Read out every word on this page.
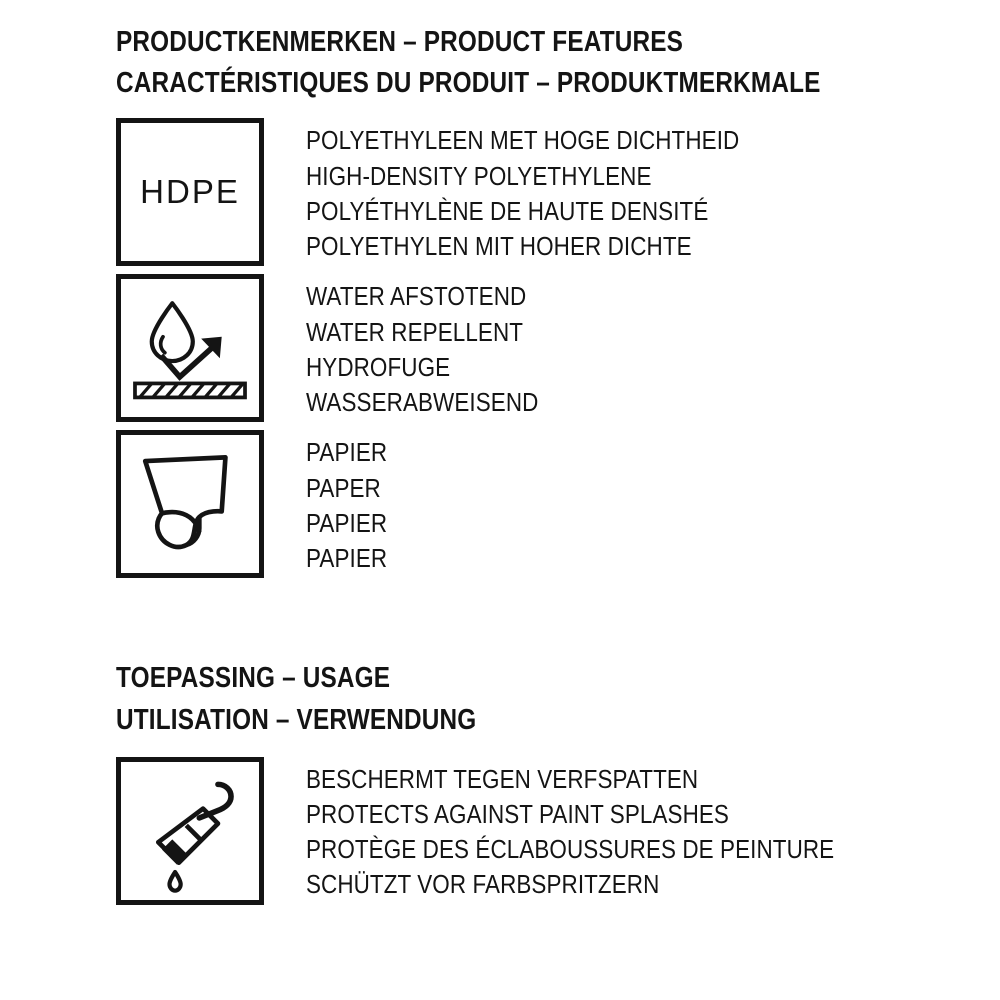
PRODUCTKENMERKEN – PRODUCT FEATURES
CARACTÉRISTIQUES DU PRODUIT – PRODUKTMERKMALE
HDPE
POLYETHYLEEN MET HOGE DICHTHEID
HIGH-DENSITY POLYETHYLENE
POLYÉTHYLÈNE DE HAUTE DENSITÉ
POLYETHYLEN MIT HOHER DICHTE
WATER AFSTOTEND
WATER REPELLENT
HYDROFUGE
WASSERABWEISEND
PAPIER
PAPER
PAPIER
PAPIER
TOEPASSING – USAGE
UTILISATION – VERWENDUNG
BESCHERMT TEGEN VERFSPATTEN
PROTECTS AGAINST PAINT SPLASHES
PROTÈGE DES ÉCLABOUSSURES DE PEINTURE
SCHÜTZT VOR FARBSPRITZERN
